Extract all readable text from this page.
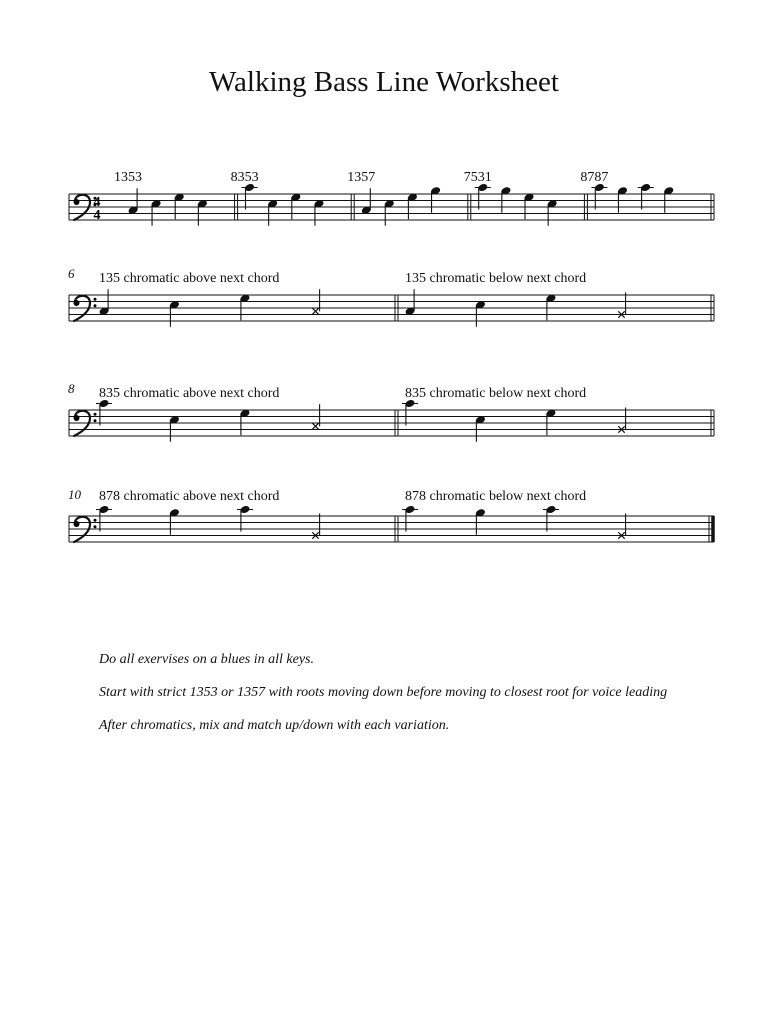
Walking Bass Line Worksheet
4
4
1353	8353	1357	7531	8787
6 135 chromatic above next chord	135 chromatic below next chord
8 835 chromatic above next chord	835 chromatic below next chord
10 878 chromatic above next chord	878 chromatic below next chord

Do all exervises on a blues in all keys.

Start with strict 1353 or 1357 with roots moving down before moving to closest root for voice leading

After chromatics, mix and match up/down with each variation.
